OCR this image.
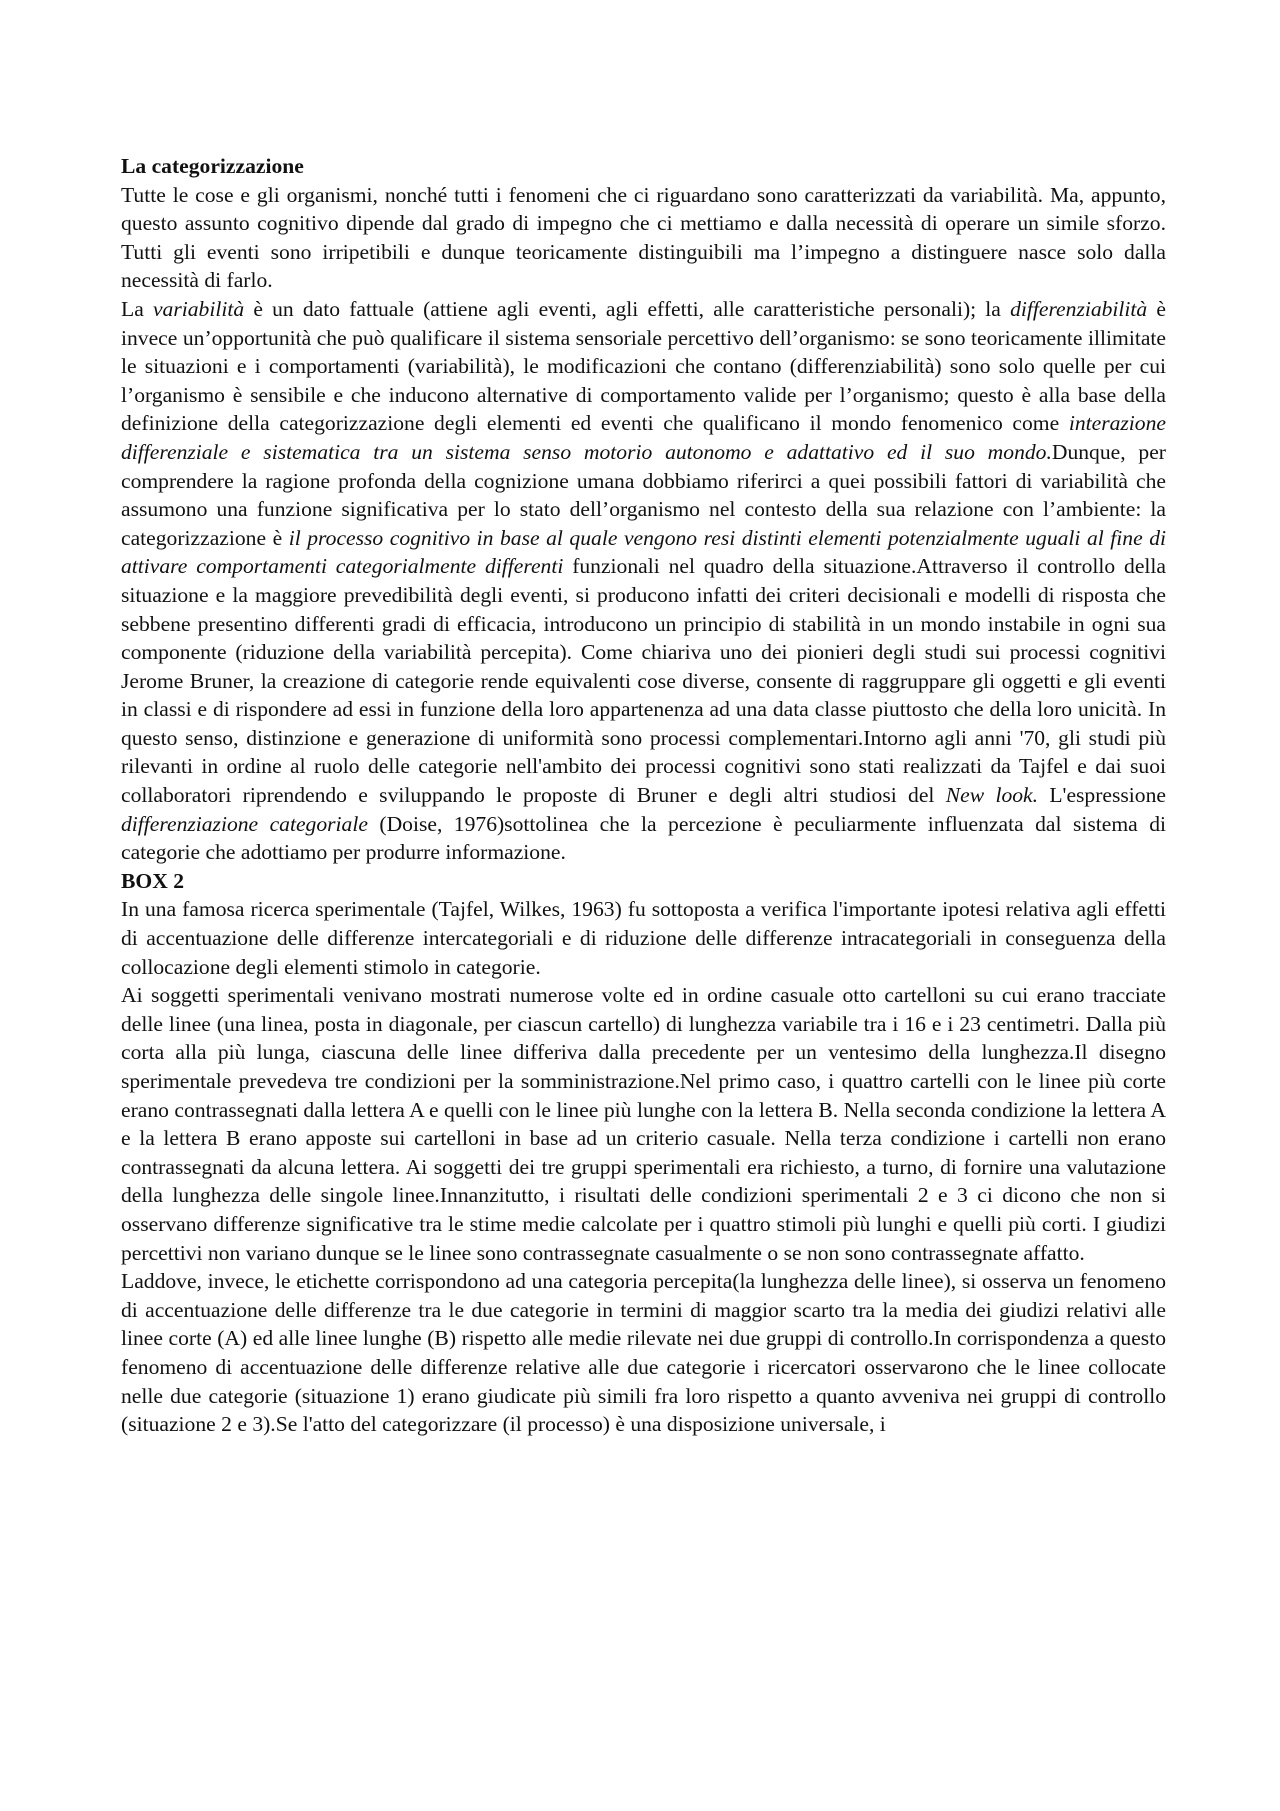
La categorizzazione

Tutte le cose e gli organismi, nonché tutti i fenomeni che ci riguardano sono caratterizzati da variabilità. Ma, appunto, questo assunto cognitivo dipende dal grado di impegno che ci mettiamo e dalla necessità di operare un simile sforzo. Tutti gli eventi sono irripetibili e dunque teoricamente distinguibili ma l’impegno a distinguere nasce solo dalla necessità di farlo.

La variabilità è un dato fattuale (attiene agli eventi, agli effetti, alle caratteristiche personali); la differenziabilità è invece un’opportunità che può qualificare il sistema sensoriale percettivo dell’organismo: se sono teoricamente illimitate le situazioni e i comportamenti (variabilità), le modificazioni che contano (differenziabilità) sono solo quelle per cui l’organismo è sensibile e che inducono alternative di comportamento valide per l’organismo; questo è alla base della definizione della categorizzazione degli elementi ed eventi che qualificano il mondo fenomenico come interazione differenziale e sistematica tra un sistema senso motorio autonomo e adattativo ed il suo mondo.Dunque, per comprendere la ragione profonda della cognizione umana dobbiamo riferirci a quei possibili fattori di variabilità che assumono una funzione significativa per lo stato dell’organismo nel contesto della sua relazione con l’ambiente: la categorizzazione è il processo cognitivo in base al quale vengono resi distinti elementi potenzialmente uguali al fine di attivare comportamenti categorialmente differenti funzionali nel quadro della situazione.Attraverso il controllo della situazione e la maggiore prevedibilità degli eventi, si producono infatti dei criteri decisionali e modelli di risposta che sebbene presentino differenti gradi di efficacia, introducono un principio di stabilità in un mondo instabile in ogni sua componente (riduzione della variabilità percepita). Come chiariva uno dei pionieri degli studi sui processi cognitivi Jerome Bruner, la creazione di categorie rende equivalenti cose diverse, consente di raggruppare gli oggetti e gli eventi in classi e di rispondere ad essi in funzione della loro appartenenza ad una data classe piuttosto che della loro unicità. In questo senso, distinzione e generazione di uniformità sono processi complementari.Intorno agli anni '70, gli studi più rilevanti in ordine al ruolo delle categorie nell'ambito dei processi cognitivi sono stati realizzati da Tajfel e dai suoi collaboratori riprendendo e sviluppando le proposte di Bruner e degli altri studiosi del New look. L'espressione differenziazione categoriale (Doise, 1976)sottolinea che la percezione è peculiarmente influenzata dal sistema di categorie che adottiamo per produrre informazione.

BOX 2

In una famosa ricerca sperimentale (Tajfel, Wilkes, 1963) fu sottoposta a verifica l'importante ipotesi relativa agli effetti di accentuazione delle differenze intercategoriali e di riduzione delle differenze intracategoriali in conseguenza della collocazione degli elementi stimolo in categorie.

Ai soggetti sperimentali venivano mostrati numerose volte ed in ordine casuale otto cartelloni su cui erano tracciate delle linee (una linea, posta in diagonale, per ciascun cartello) di lunghezza variabile tra i 16 e i 23 centimetri. Dalla più corta alla più lunga, ciascuna delle linee differiva dalla precedente per un ventesimo della lunghezza.Il disegno sperimentale prevedeva tre condizioni per la somministrazione.Nel primo caso, i quattro cartelli con le linee più corte erano contrassegnati dalla lettera A e quelli con le linee più lunghe con la lettera B. Nella seconda condizione la lettera A e la lettera B erano apposte sui cartelloni in base ad un criterio casuale. Nella terza condizione i cartelli non erano contrassegnati da alcuna lettera. Ai soggetti dei tre gruppi sperimentali era richiesto, a turno, di fornire una valutazione della lunghezza delle singole linee.Innanzitutto, i risultati delle condizioni sperimentali 2 e 3 ci dicono che non si osservano differenze significative tra le stime medie calcolate per i quattro stimoli più lunghi e quelli più corti. I giudizi percettivi non variano dunque se le linee sono contrassegnate casualmente o se non sono contrassegnate affatto.

Laddove, invece, le etichette corrispondono ad una categoria percepita(la lunghezza delle linee), si osserva un fenomeno di accentuazione delle differenze tra le due categorie in termini di maggior scarto tra la media dei giudizi relativi alle linee corte (A) ed alle linee lunghe (B) rispetto alle medie rilevate nei due gruppi di controllo.In corrispondenza a questo fenomeno di accentuazione delle differenze relative alle due categorie i ricercatori osservarono che le linee collocate nelle due categorie (situazione 1) erano giudicate più simili fra loro rispetto a quanto avveniva nei gruppi di controllo (situazione 2 e 3).Se l'atto del categorizzare (il processo) è una disposizione universale, i
